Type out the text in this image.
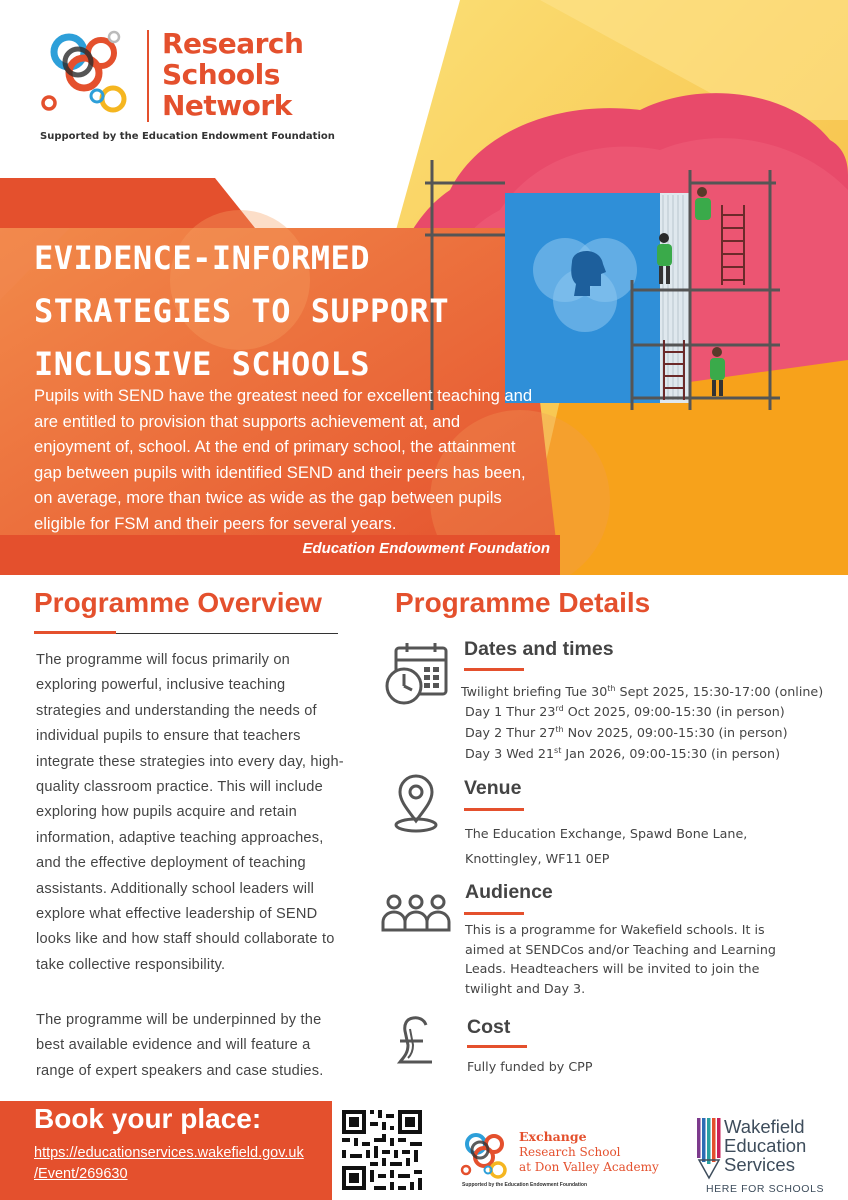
Research
Schools
Network
Supported by the Education Endowment Foundation
EVIDENCE-INFORMED
STRATEGIES TO SUPPORT
INCLUSIVE SCHOOLS
Pupils with SEND have the greatest need for excellent teaching and are entitled to provision that supports achievement at, and enjoyment of, school. At the end of primary school, the attainment gap between pupils with identified SEND and their peers has been, on average, more than twice as wide as the gap between pupils eligible for FSM and their peers for several years.
Education Endowment Foundation
Programme Overview
The programme will focus primarily on exploring powerful, inclusive teaching strategies and understanding the needs of individual pupils to ensure that teachers integrate these strategies into every day, high-quality classroom practice. This will include exploring how pupils acquire and retain information, adaptive teaching approaches, and the effective deployment of teaching assistants. Additionally school leaders will explore what effective leadership of SEND looks like and how staff should collaborate to take collective responsibility.
The programme will be underpinned by the best available evidence and will feature a range of expert speakers and case studies.
Programme Details
Dates and times
Twilight briefing Tue 30th Sept 2025, 15:30-17:00 (online)
Day 1 Thur 23rd Oct 2025, 09:00-15:30 (in person)
Day 2 Thur 27th Nov 2025, 09:00-15:30 (in person)
Day 3 Wed 21st Jan 2026, 09:00-15:30 (in person)
Venue
The Education Exchange, Spawd Bone Lane, Knottingley, WF11 0EP
Audience
This is a programme for Wakefield schools. It is aimed at SENDCos and/or Teaching and Learning Leads. Headteachers will be invited to join the twilight and Day 3.
Cost
Fully funded by CPP
Book your place:
https://educationservices.wakefield.gov.uk
/Event/269630
Exchange
Research School
at Don Valley Academy
Supported by the Education Endowment Foundation
Wakefield
Education
Services
HERE FOR SCHOOLS
